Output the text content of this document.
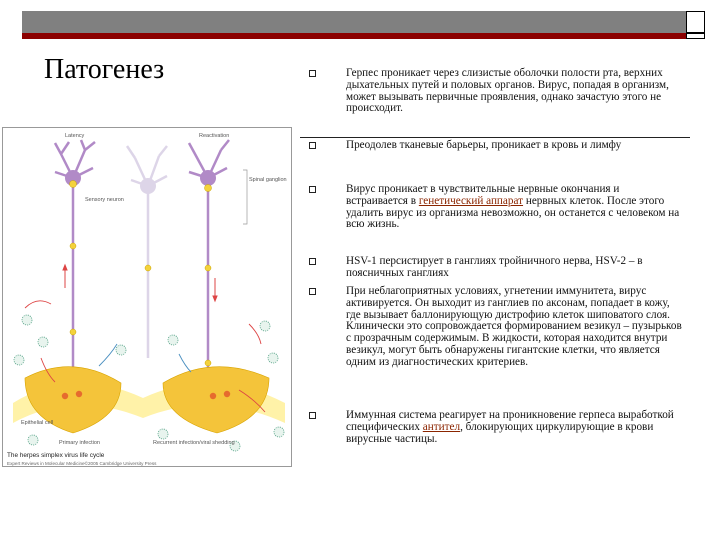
Патогенез
Latency	Reactivation
Spinal ganglion
Sensory neuron
Epithelial cell
Primary infection	Recurrent infection/viral shedding
The herpes simplex virus life cycle
Expert Reviews in Molecular Medicine©2005 Cambridge University Press
Герпес проникает через слизистые оболочки полости рта, верхних дыхательных путей и половых органов. Вирус, попадая в организм, может вызывать первичные проявления, однако зачастую этого не происходит.
Преодолев тканевые барьеры, проникает в кровь и лимфу
Вирус проникает в чувствительные нервные окончания и встраивается в генетический аппарат нервных клеток. После этого удалить вирус из организма невозможно, он останется с человеком на всю жизнь.
HSV-1 персистирует в ганглиях тройничного нерва, HSV-2 – в поясничных ганглиях
При неблагоприятных условиях, угнетении иммунитета, вирус активируется. Он выходит из ганглиев по аксонам, попадает в кожу, где вызывает баллонирующую дистрофию клеток шиповатого слоя. Клинически это сопровождается формированием везикул – пузырьков с прозрачным содержимым. В жидкости, которая находится внутри везикул, могут быть обнаружены гигантские клетки, что является одним из диагностических критериев.
Иммунная система реагирует на проникновение герпеса выработкой специфических антител, блокирующих циркулирующие в крови вирусные частицы.
